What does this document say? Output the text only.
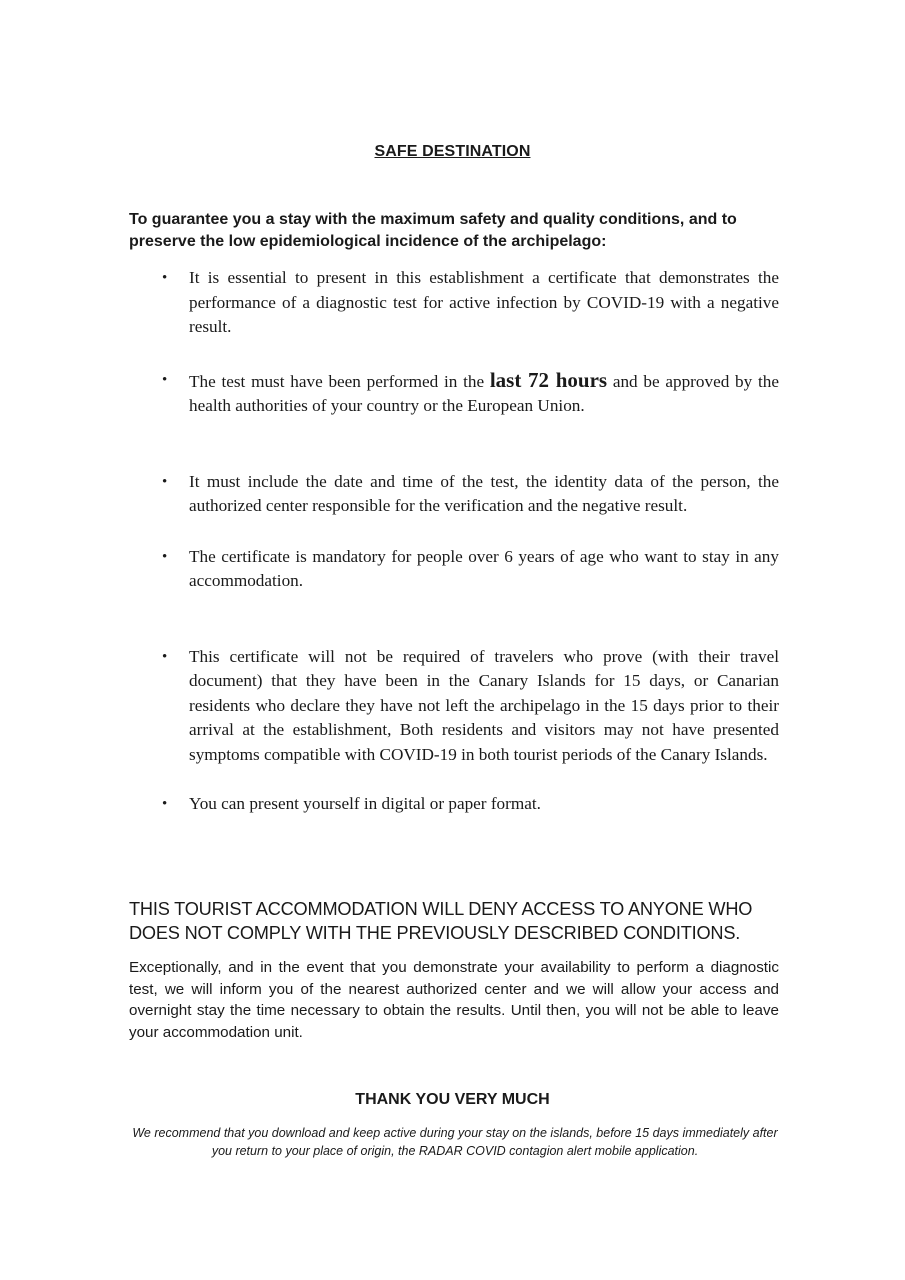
SAFE DESTINATION
To guarantee you a stay with the maximum safety and quality conditions, and to preserve the low epidemiological incidence of the archipelago:
• It is essential to present in this establishment a certificate that demonstrates the performance of a diagnostic test for active infection by COVID-19 with a negative result.
• The test must have been performed in the last 72 hours and be approved by the health authorities of your country or the European Union.
• It must include the date and time of the test, the identity data of the person, the authorized center responsible for the verification and the negative result.
• The certificate is mandatory for people over 6 years of age who want to stay in any accommodation.
• This certificate will not be required of travelers who prove (with their travel document) that they have been in the Canary Islands for 15 days, or Canarian residents who declare they have not left the archipelago in the 15 days prior to their arrival at the establishment, Both residents and visitors may not have presented symptoms compatible with COVID-19 in both tourist periods of the Canary Islands.
• You can present yourself in digital or paper format.
THIS TOURIST ACCOMMODATION WILL DENY ACCESS TO ANYONE WHO DOES NOT COMPLY WITH THE PREVIOUSLY DESCRIBED CONDITIONS.
Exceptionally, and in the event that you demonstrate your availability to perform a diagnostic test, we will inform you of the nearest authorized center and we will allow your access and overnight stay the time necessary to obtain the results. Until then, you will not be able to leave your accommodation unit.
THANK YOU VERY MUCH
We recommend that you download and keep active during your stay on the islands, before 15 days immediately after you return to your place of origin, the RADAR COVID contagion alert mobile application.
